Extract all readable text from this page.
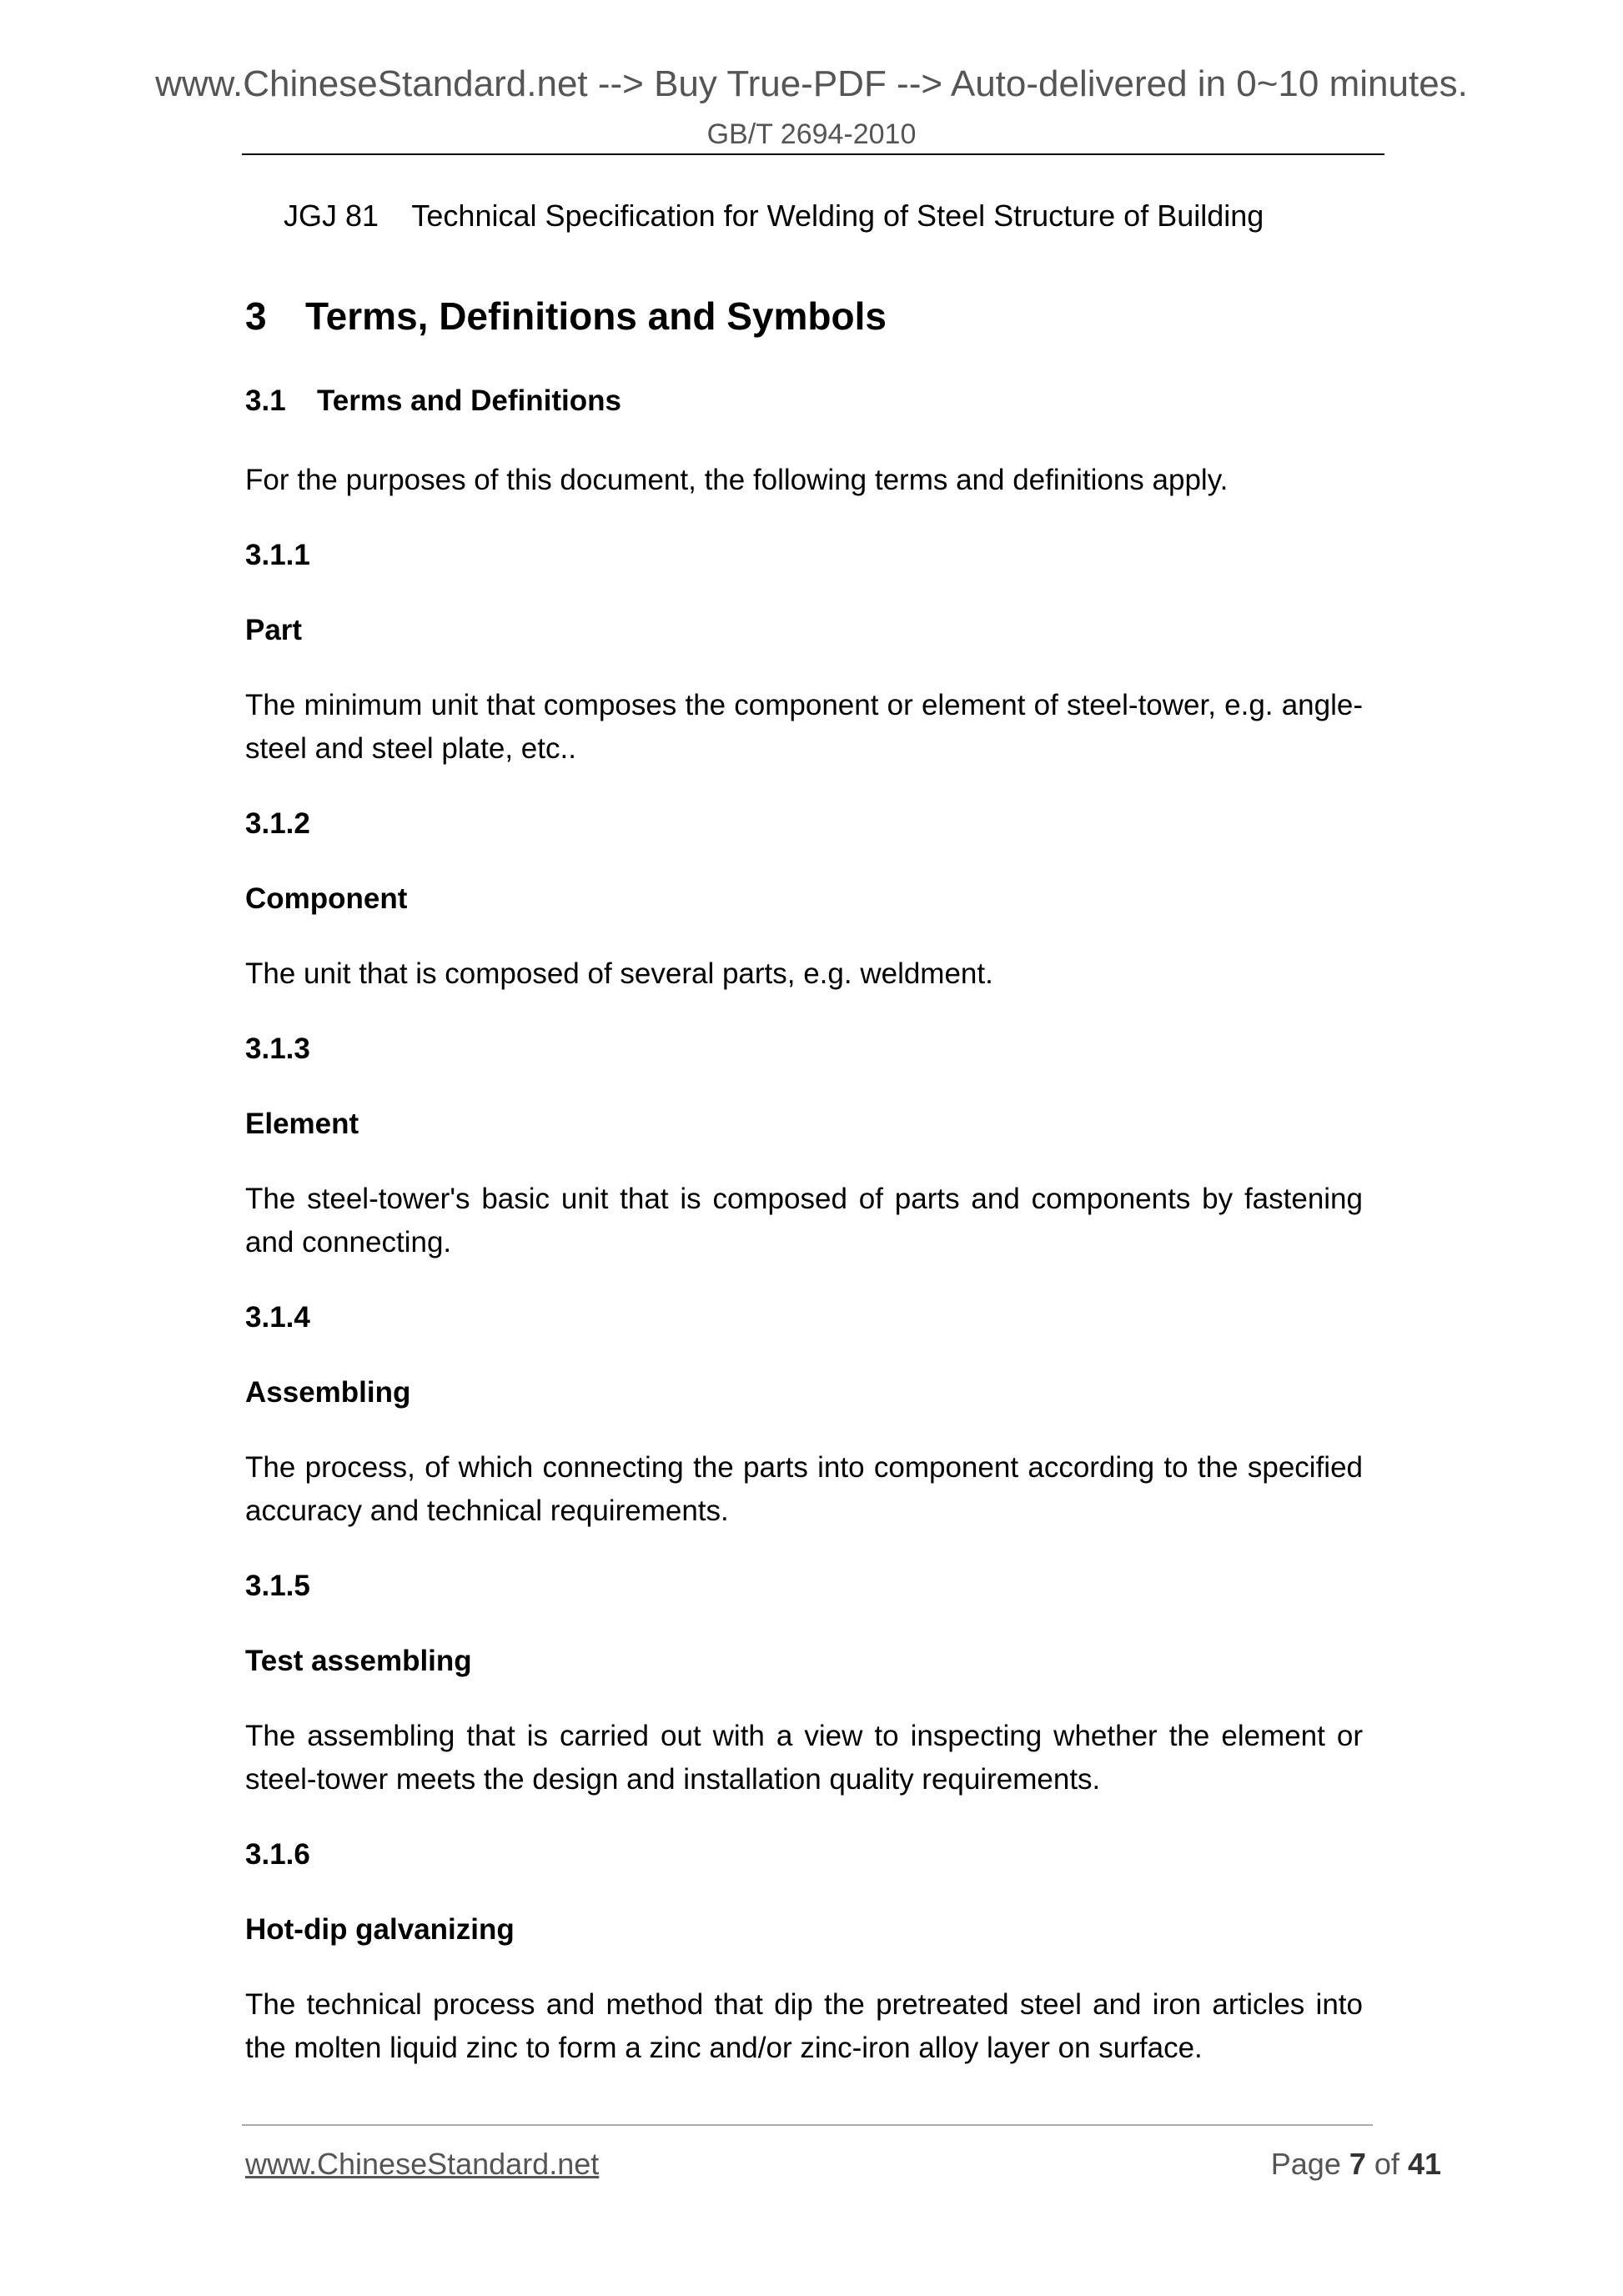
www.ChineseStandard.net --> Buy True-PDF --> Auto-delivered in 0~10 minutes.
GB/T 2694-2010
JGJ 81 Technical Specification for Welding of Steel Structure of Building
3 Terms, Definitions and Symbols
3.1 Terms and Definitions
For the purposes of this document, the following terms and definitions apply.
3.1.1
Part
The minimum unit that composes the component or element of steel-tower, e.g. angle-steel and steel plate, etc..
3.1.2
Component
The unit that is composed of several parts, e.g. weldment.
3.1.3
Element
The steel-tower's basic unit that is composed of parts and components by fastening and connecting.
3.1.4
Assembling
The process, of which connecting the parts into component according to the specified accuracy and technical requirements.
3.1.5
Test assembling
The assembling that is carried out with a view to inspecting whether the element or steel-tower meets the design and installation quality requirements.
3.1.6
Hot-dip galvanizing
The technical process and method that dip the pretreated steel and iron articles into the molten liquid zinc to form a zinc and/or zinc-iron alloy layer on surface.
www.ChineseStandard.net	Page 7 of 41
